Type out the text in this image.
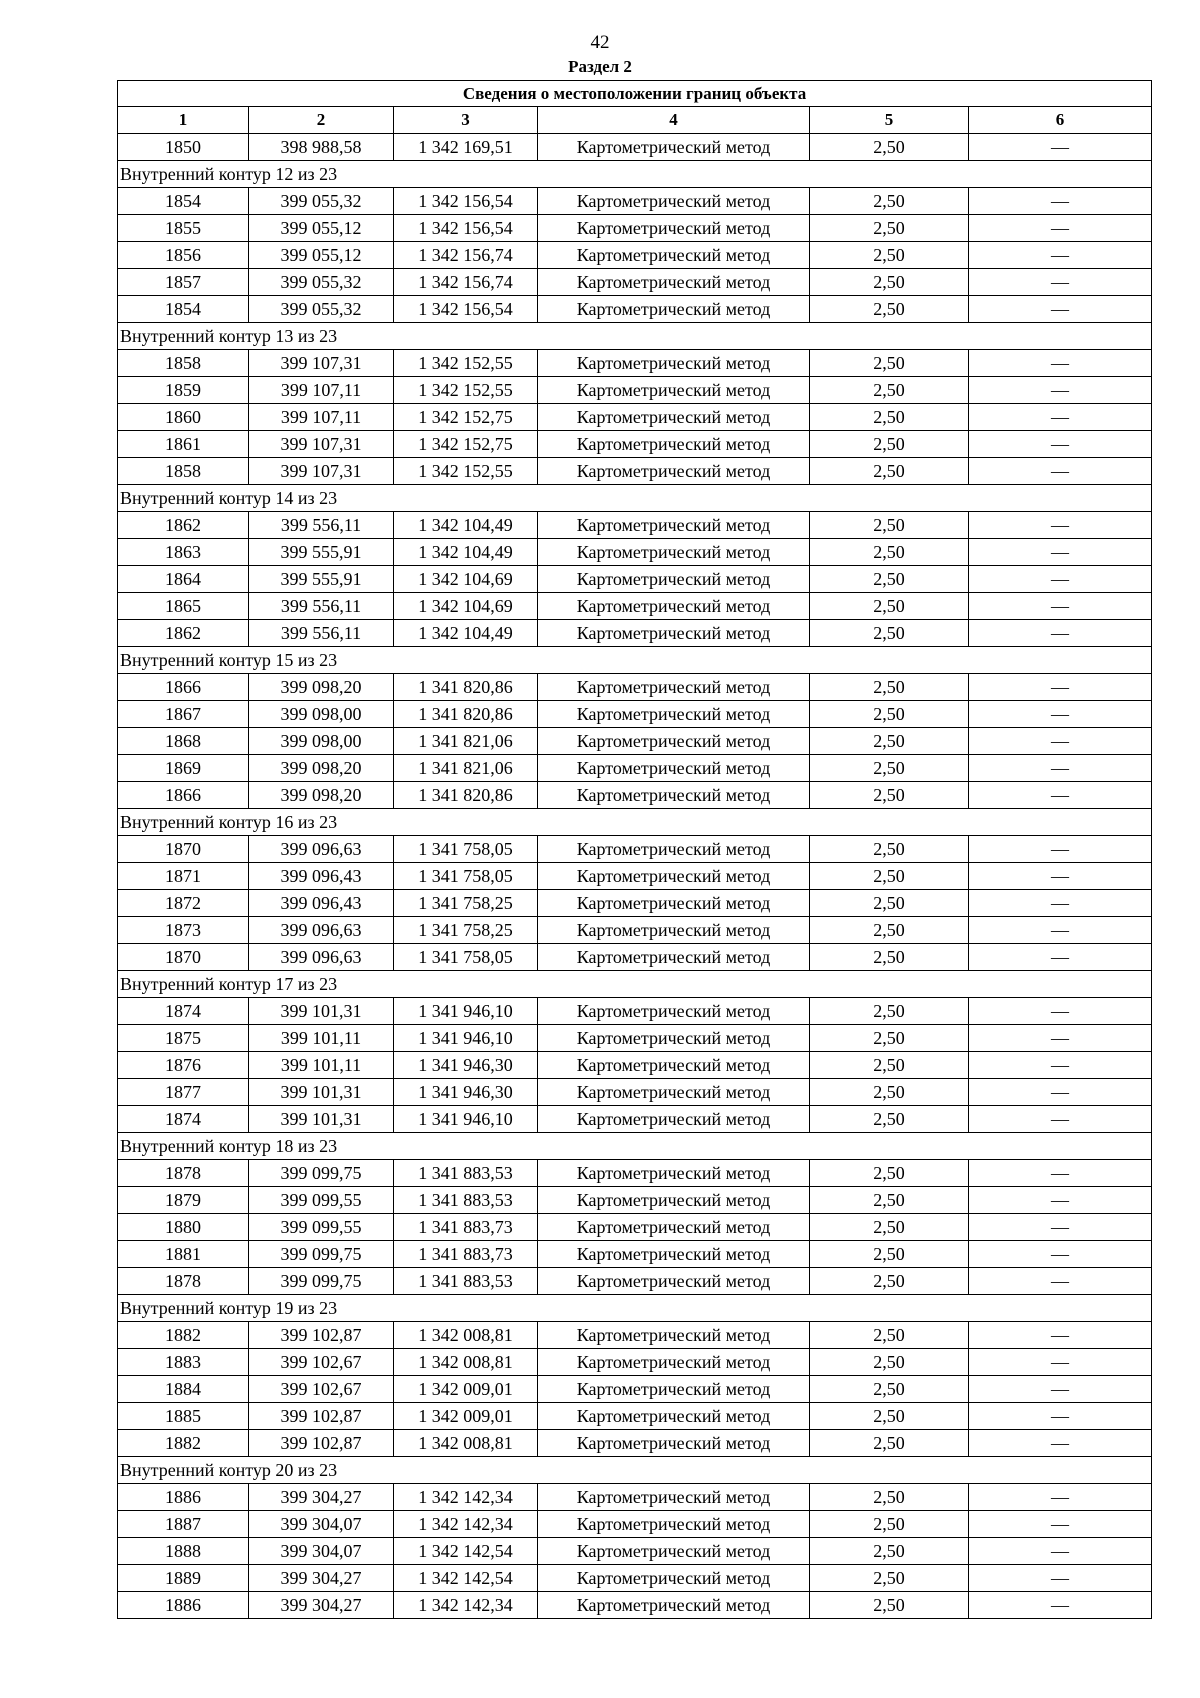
42
Раздел 2
Сведения о местоположении границ объекта					
1	2	3	4	5	6
1850	398 988,58	1 342 169,51	Картометрический метод	2,50	—
Внутренний контур 12 из 23					
1854	399 055,32	1 342 156,54	Картометрический метод	2,50	—
1855	399 055,12	1 342 156,54	Картометрический метод	2,50	—
1856	399 055,12	1 342 156,74	Картометрический метод	2,50	—
1857	399 055,32	1 342 156,74	Картометрический метод	2,50	—
1854	399 055,32	1 342 156,54	Картометрический метод	2,50	—
Внутренний контур 13 из 23					
1858	399 107,31	1 342 152,55	Картометрический метод	2,50	—
1859	399 107,11	1 342 152,55	Картометрический метод	2,50	—
1860	399 107,11	1 342 152,75	Картометрический метод	2,50	—
1861	399 107,31	1 342 152,75	Картометрический метод	2,50	—
1858	399 107,31	1 342 152,55	Картометрический метод	2,50	—
Внутренний контур 14 из 23					
1862	399 556,11	1 342 104,49	Картометрический метод	2,50	—
1863	399 555,91	1 342 104,49	Картометрический метод	2,50	—
1864	399 555,91	1 342 104,69	Картометрический метод	2,50	—
1865	399 556,11	1 342 104,69	Картометрический метод	2,50	—
1862	399 556,11	1 342 104,49	Картометрический метод	2,50	—
Внутренний контур 15 из 23					
1866	399 098,20	1 341 820,86	Картометрический метод	2,50	—
1867	399 098,00	1 341 820,86	Картометрический метод	2,50	—
1868	399 098,00	1 341 821,06	Картометрический метод	2,50	—
1869	399 098,20	1 341 821,06	Картометрический метод	2,50	—
1866	399 098,20	1 341 820,86	Картометрический метод	2,50	—
Внутренний контур 16 из 23					
1870	399 096,63	1 341 758,05	Картометрический метод	2,50	—
1871	399 096,43	1 341 758,05	Картометрический метод	2,50	—
1872	399 096,43	1 341 758,25	Картометрический метод	2,50	—
1873	399 096,63	1 341 758,25	Картометрический метод	2,50	—
1870	399 096,63	1 341 758,05	Картометрический метод	2,50	—
Внутренний контур 17 из 23					
1874	399 101,31	1 341 946,10	Картометрический метод	2,50	—
1875	399 101,11	1 341 946,10	Картометрический метод	2,50	—
1876	399 101,11	1 341 946,30	Картометрический метод	2,50	—
1877	399 101,31	1 341 946,30	Картометрический метод	2,50	—
1874	399 101,31	1 341 946,10	Картометрический метод	2,50	—
Внутренний контур 18 из 23					
1878	399 099,75	1 341 883,53	Картометрический метод	2,50	—
1879	399 099,55	1 341 883,53	Картометрический метод	2,50	—
1880	399 099,55	1 341 883,73	Картометрический метод	2,50	—
1881	399 099,75	1 341 883,73	Картометрический метод	2,50	—
1878	399 099,75	1 341 883,53	Картометрический метод	2,50	—
Внутренний контур 19 из 23					
1882	399 102,87	1 342 008,81	Картометрический метод	2,50	—
1883	399 102,67	1 342 008,81	Картометрический метод	2,50	—
1884	399 102,67	1 342 009,01	Картометрический метод	2,50	—
1885	399 102,87	1 342 009,01	Картометрический метод	2,50	—
1882	399 102,87	1 342 008,81	Картометрический метод	2,50	—
Внутренний контур 20 из 23					
1886	399 304,27	1 342 142,34	Картометрический метод	2,50	—
1887	399 304,07	1 342 142,34	Картометрический метод	2,50	—
1888	399 304,07	1 342 142,54	Картометрический метод	2,50	—
1889	399 304,27	1 342 142,54	Картометрический метод	2,50	—
1886	399 304,27	1 342 142,34	Картометрический метод	2,50	—
